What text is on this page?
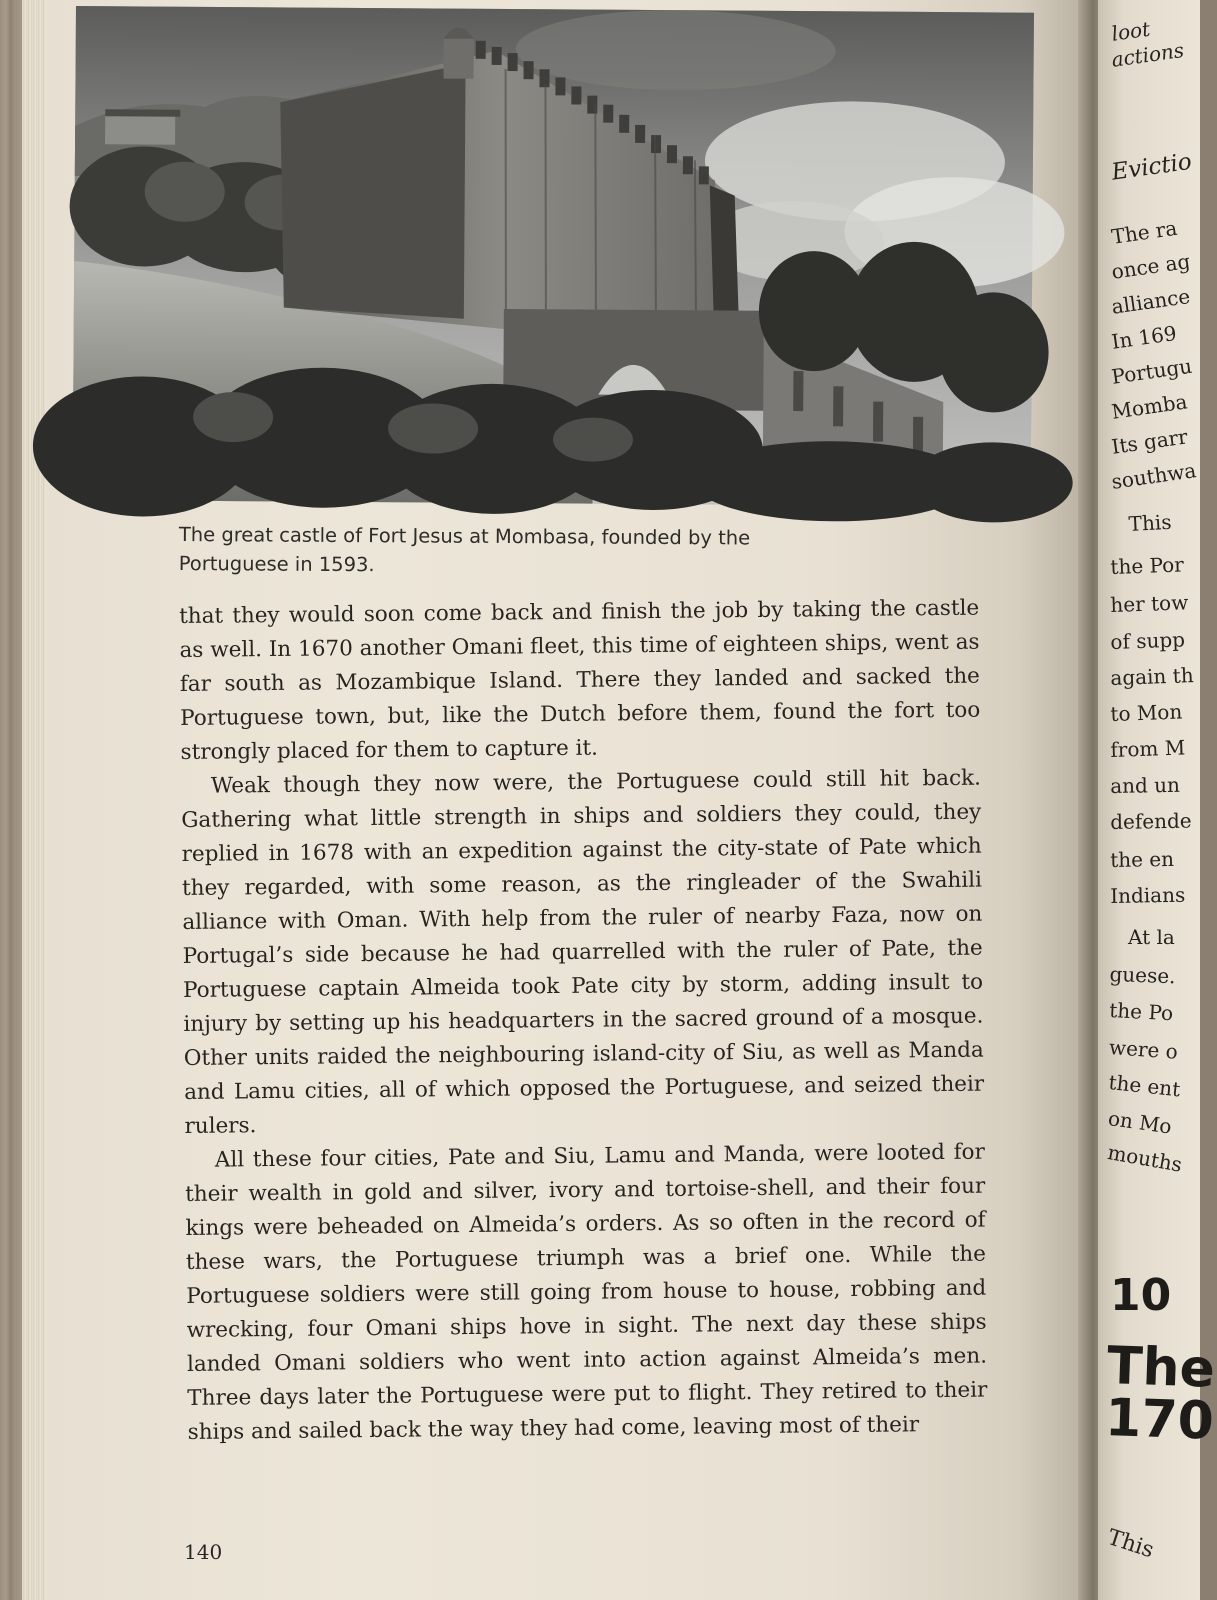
The great castle of Fort Jesus at Mombasa, founded by the
Portuguese in 1593.

that they would soon come back and finish the job by taking the castle as well. In 1670 another Omani fleet, this time of eighteen ships, went as far south as Mozambique Island. There they landed and sacked the Portuguese town, but, like the Dutch before them, found the fort too strongly placed for them to capture it.

Weak though they now were, the Portuguese could still hit back. Gathering what little strength in ships and soldiers they could, they replied in 1678 with an expedition against the city-state of Pate which they regarded, with some reason, as the ringleader of the Swahili alliance with Oman. With help from the ruler of nearby Faza, now on Portugal’s side because he had quarrelled with the ruler of Pate, the Portuguese captain Almeida took Pate city by storm, adding insult to injury by setting up his headquarters in the sacred ground of a mosque. Other units raided the neighbouring island-city of Siu, as well as Manda and Lamu cities, all of which opposed the Portuguese, and seized their rulers.

All these four cities, Pate and Siu, Lamu and Manda, were looted for their wealth in gold and silver, ivory and tortoise-shell, and their four kings were beheaded on Almeida’s orders. As so often in the record of these wars, the Portuguese triumph was a brief one. While the Portuguese soldiers were still going from house to house, robbing and wrecking, four Omani ships hove in sight. The next day these ships landed Omani soldiers who went into action against Almeida’s men. Three days later the Portuguese were put to flight. They retired to their ships and sailed back the way they had come, leaving most of their

140

loot
actions
Evictio
The ra
once ag
alliance
In 169
Portugu
Momba
Its garr
southwa
This
the Por
her tow
of supp
again th
to Mon
from M
and un
defende
the en
Indians
At la
guese.
the Po
were o
the ent
on Mo
mouths
10
The
170
This
